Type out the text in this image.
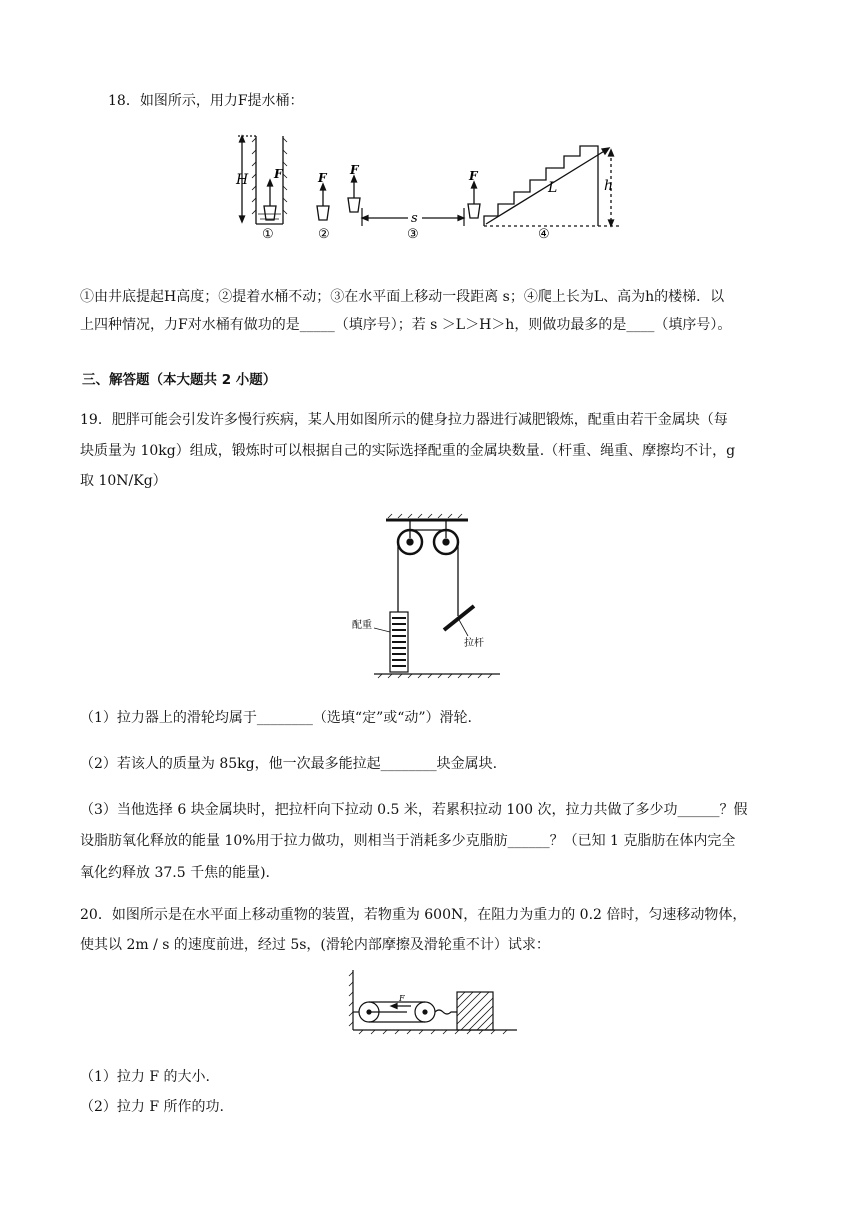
18．如图所示，用力F提水桶：
H F	F
F
s
F
L	h
①	②	③	④
①由井底提起H高度；②提着水桶不动；③在水平面上移动一段距离 s；④爬上长为L、高为h的楼梯．以
上四种情况，力F对水桶有做功的是_____（填序号）；若 s ＞L＞H＞h，则做功最多的是____（填序号）。
三、解答题（本大题共 2 小题）
19．肥胖可能会引发许多慢行疾病，某人用如图所示的健身拉力器进行减肥锻炼，配重由若干金属块（每
块质量为 10kg）组成，锻炼时可以根据自己的实际选择配重的金属块数量.（杆重、绳重、摩擦均不计，g
取 10N/Kg）
配重
拉杆
（1）拉力器上的滑轮均属于________（选填“定”或“动”）滑轮.
（2）若该人的质量为 85kg，他一次最多能拉起________块金属块.
（3）当他选择 6 块金属块时，把拉杆向下拉动 0.5 米，若累积拉动 100 次，拉力共做了多少功______？假
设脂肪氧化释放的能量 10%用于拉力做功，则相当于消耗多少克脂肪______？（已知 1 克脂肪在体内完全
氧化约释放 37.5 千焦的能量).
20．如图所示是在水平面上移动重物的装置，若物重为 600N，在阻力为重力的 0.2 倍时，匀速移动物体，
使其以 2m / s 的速度前进，经过 5s，(滑轮内部摩擦及滑轮重不计）试求：
F
（1）拉力 F 的大小.
（2）拉力 F 所作的功.
